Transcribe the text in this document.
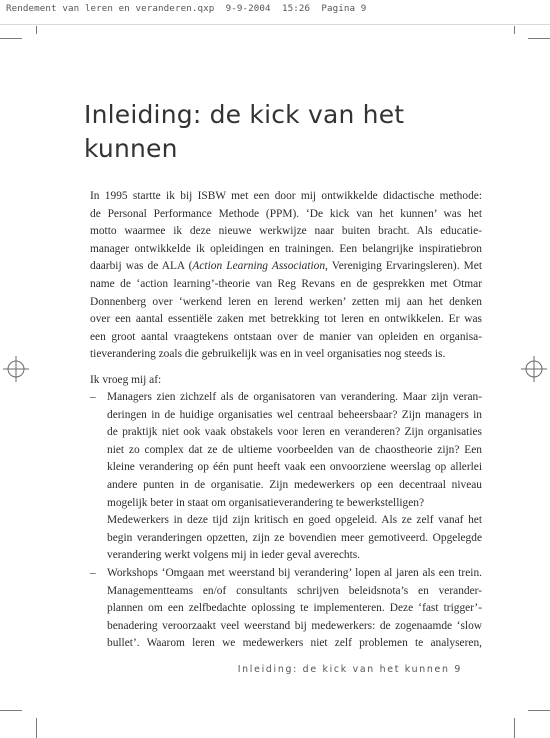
Rendement van leren en veranderen.qxp 9-9-2004 15:26 Pagina 9
Inleiding: de kick van het
kunnen
In 1995 startte ik bij ISBW met een door mij ontwikkelde didactische methode:
de Personal Performance Methode (PPM). ‘De kick van het kunnen’ was het
motto waarmee ik deze nieuwe werkwijze naar buiten bracht. Als educatie-
manager ontwikkelde ik opleidingen en trainingen. Een belangrijke inspiratiebron
daarbij was de ALA (Action Learning Association, Vereniging Ervaringsleren). Met
name de ‘action learning’-theorie van Reg Revans en de gesprekken met Otmar
Donnenberg over ‘werkend leren en lerend werken’ zetten mij aan het denken
over een aantal essentiële zaken met betrekking tot leren en ontwikkelen. Er was
een groot aantal vraagtekens ontstaan over de manier van opleiden en organisa-
tieverandering zoals die gebruikelijk was en in veel organisaties nog steeds is.
Ik vroeg mij af:
– Managers zien zichzelf als de organisatoren van verandering. Maar zijn veran-
deringen in de huidige organisaties wel centraal beheersbaar? Zijn managers in
de praktijk niet ook vaak obstakels voor leren en veranderen? Zijn organisaties
niet zo complex dat ze de ultieme voorbeelden van de chaostheorie zijn? Een
kleine verandering op één punt heeft vaak een onvoorziene weerslag op allerlei
andere punten in de organisatie. Zijn medewerkers op een decentraal niveau
mogelijk beter in staat om organisatieverandering te bewerkstelligen?
Medewerkers in deze tijd zijn kritisch en goed opgeleid. Als ze zelf vanaf het
begin veranderingen opzetten, zijn ze bovendien meer gemotiveerd. Opgelegde
verandering werkt volgens mij in ieder geval averechts.
– Workshops ‘Omgaan met weerstand bij verandering’ lopen al jaren als een trein.
Managementteams en/of consultants schrijven beleidsnota’s en verander-
plannen om een zelfbedachte oplossing te implementeren. Deze ‘fast trigger’-
benadering veroorzaakt veel weerstand bij medewerkers: de zogenaamde ‘slow
bullet’. Waarom leren we medewerkers niet zelf problemen te analyseren,
Inleiding: de kick van het kunnen 9
